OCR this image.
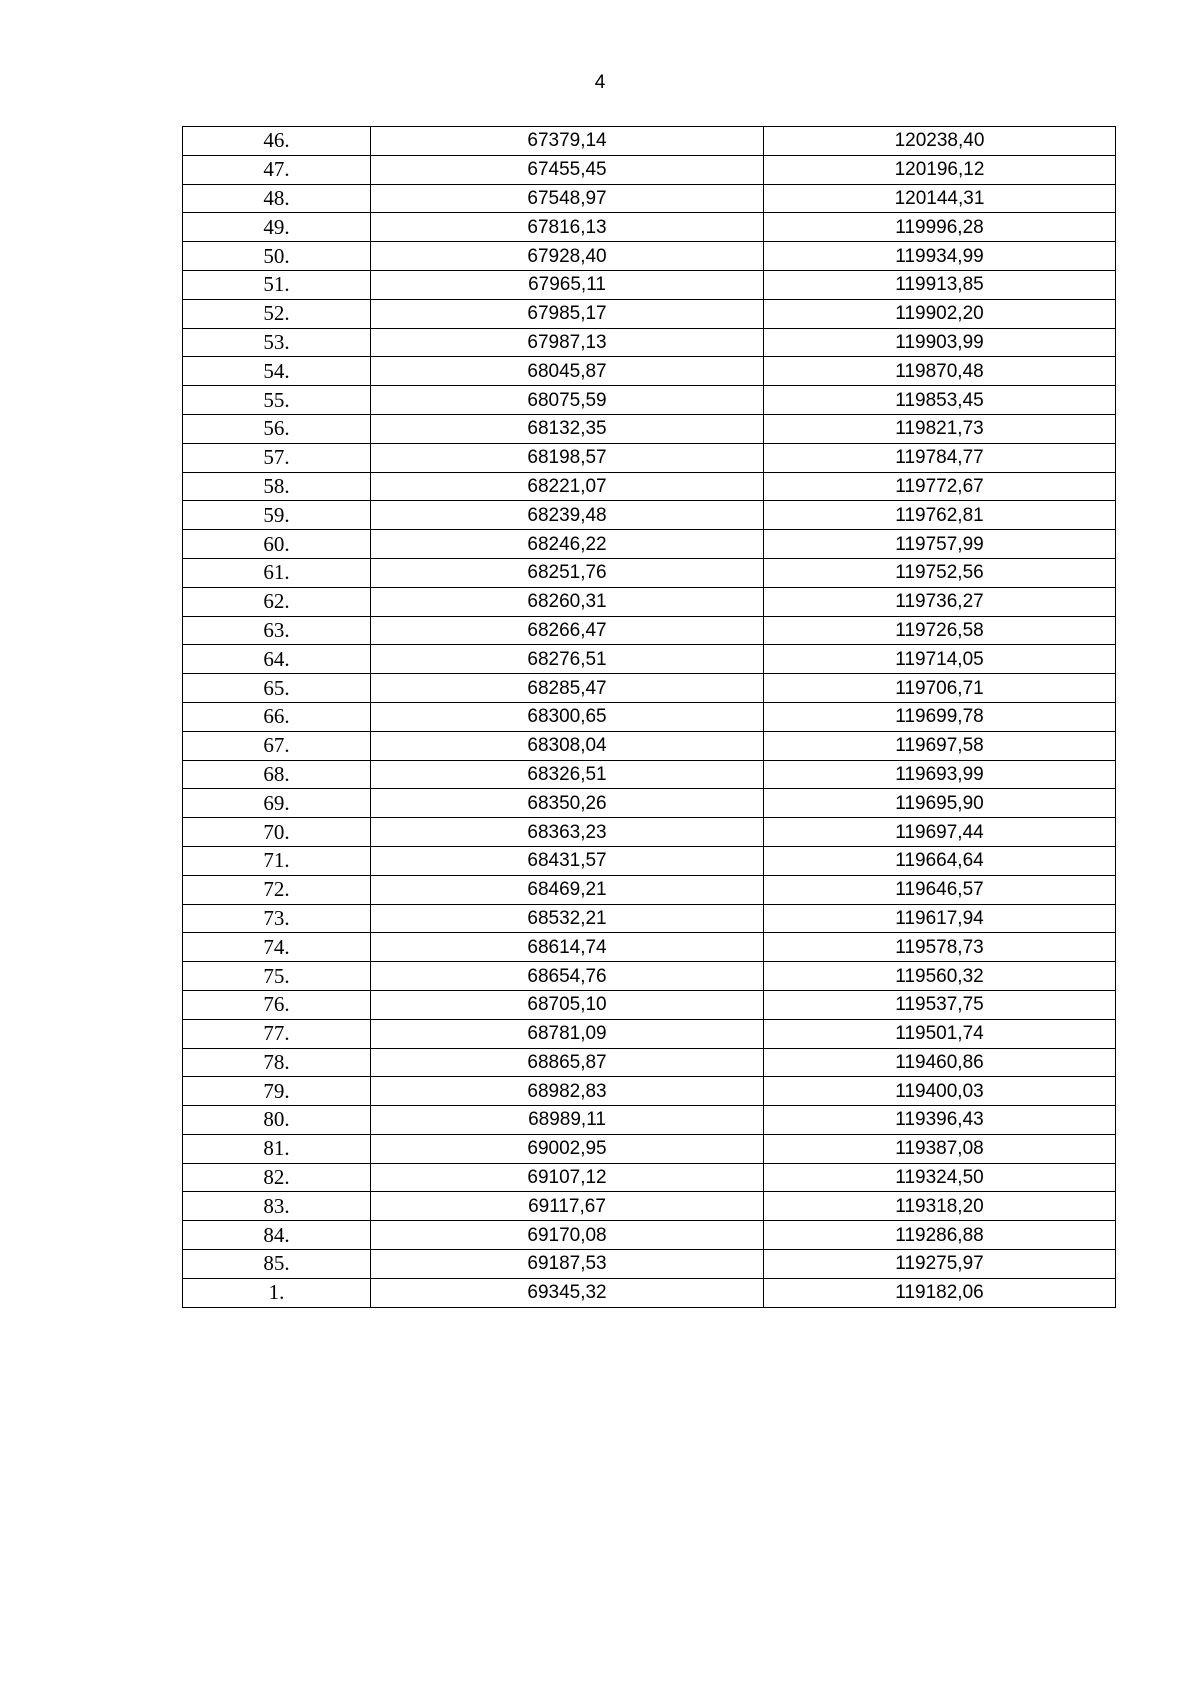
4
46.	67379,14	120238,40
47.	67455,45	120196,12
48.	67548,97	120144,31
49.	67816,13	119996,28
50.	67928,40	119934,99
51.	67965,11	119913,85
52.	67985,17	119902,20
53.	67987,13	119903,99
54.	68045,87	119870,48
55.	68075,59	119853,45
56.	68132,35	119821,73
57.	68198,57	119784,77
58.	68221,07	119772,67
59.	68239,48	119762,81
60.	68246,22	119757,99
61.	68251,76	119752,56
62.	68260,31	119736,27
63.	68266,47	119726,58
64.	68276,51	119714,05
65.	68285,47	119706,71
66.	68300,65	119699,78
67.	68308,04	119697,58
68.	68326,51	119693,99
69.	68350,26	119695,90
70.	68363,23	119697,44
71.	68431,57	119664,64
72.	68469,21	119646,57
73.	68532,21	119617,94
74.	68614,74	119578,73
75.	68654,76	119560,32
76.	68705,10	119537,75
77.	68781,09	119501,74
78.	68865,87	119460,86
79.	68982,83	119400,03
80.	68989,11	119396,43
81.	69002,95	119387,08
82.	69107,12	119324,50
83.	69117,67	119318,20
84.	69170,08	119286,88
85.	69187,53	119275,97
1.	69345,32	119182,06
